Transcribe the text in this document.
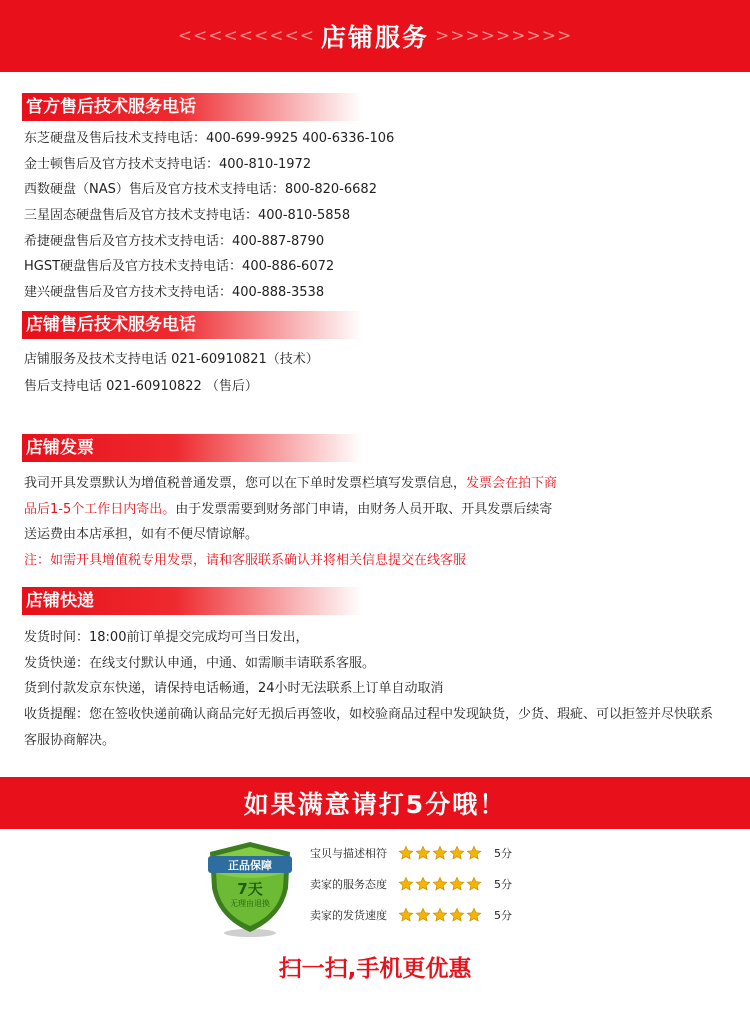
<<<<<<<<< 店铺服务 >>>>>>>>>
官方售后技术服务电话
东芝硬盘及售后技术支持电话：400-699-9925 400-6336-106
金士顿售后及官方技术支持电话：400-810-1972
西数硬盘（NAS）售后及官方技术支持电话：800-820-6682
三星固态硬盘售后及官方技术支持电话：400-810-5858
希捷硬盘售后及官方技术支持电话：400-887-8790
HGST硬盘售后及官方技术支持电话：400-886-6072
建兴硬盘售后及官方技术支持电话：400-888-3538
店铺售后技术服务电话
店铺服务及技术支持电话 021-60910821（技术）
售后支持电话 021-60910822 （售后）
店铺发票
我司开具发票默认为增值税普通发票，您可以在下单时发票栏填写发票信息，发票会在拍下商
品后1-5个工作日内寄出。由于发票需要到财务部门申请，由财务人员开取、开具发票后续寄
送运费由本店承担，如有不便尽情谅解。
注：如需开具增值税专用发票，请和客服联系确认并将相关信息提交在线客服
店铺快递
发货时间：18:00前订单提交完成均可当日发出，
发货快递：在线支付默认申通，中通、如需顺丰请联系客服。
货到付款发京东快递，请保持电话畅通，24小时无法联系上订单自动取消
收货提醒：您在签收快递前确认商品完好无损后再签收，如校验商品过程中发现缺货，少货、瑕疵、可以拒签并尽快联系
客服协商解决。
如果满意请打5分哦！
正品保障
7天
无理由退换
宝贝与描述相符	5分
卖家的服务态度	5分
卖家的发货速度	5分
扫一扫,手机更优惠
